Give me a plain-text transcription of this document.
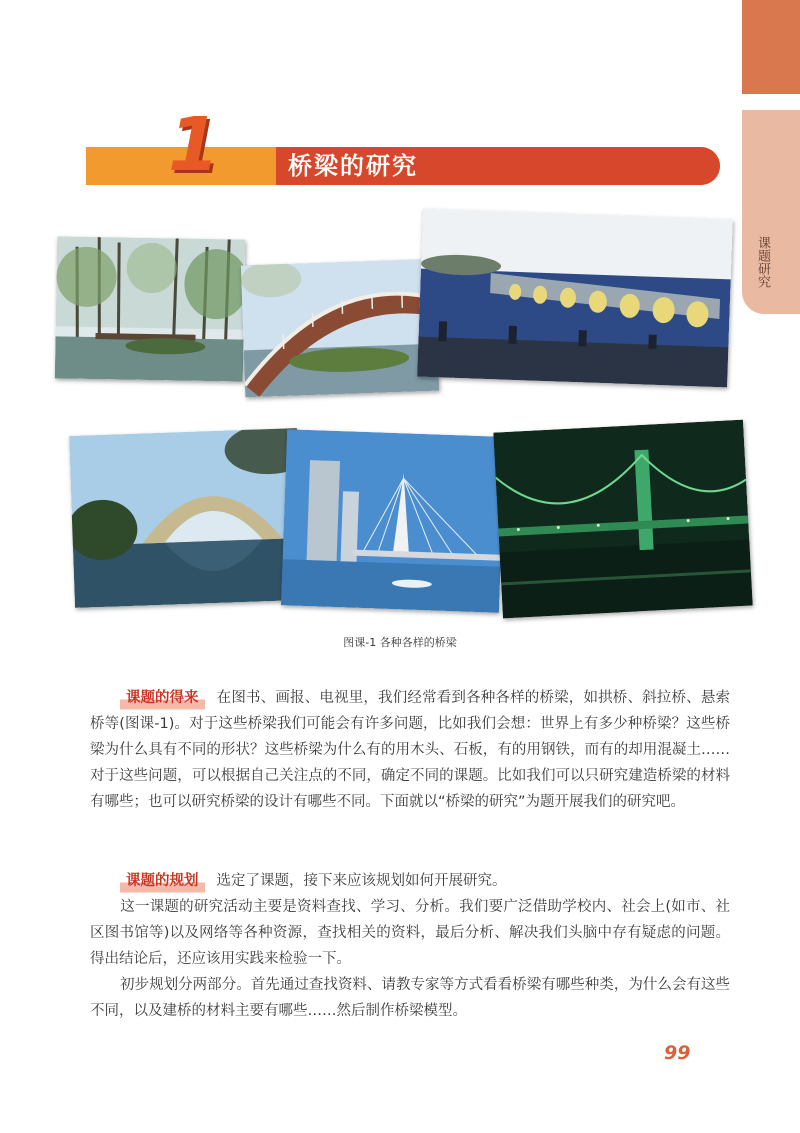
课题研究
1	桥梁的研究
图课-1 各种各样的桥梁
课题的得来 在图书、画报、电视里，我们经常看到各种各样的桥梁，如拱桥、斜拉桥、悬索桥等(图课-1)。对于这些桥梁我们可能会有许多问题，比如我们会想：世界上有多少种桥梁？这些桥梁为什么具有不同的形状？这些桥梁为什么有的用木头、石板，有的用钢铁，而有的却用混凝土……对于这些问题，可以根据自己关注点的不同，确定不同的课题。比如我们可以只研究建造桥梁的材料有哪些；也可以研究桥梁的设计有哪些不同。下面就以“桥梁的研究”为题开展我们的研究吧。
课题的规划 选定了课题，接下来应该规划如何开展研究。
这一课题的研究活动主要是资料查找、学习、分析。我们要广泛借助学校内、社会上(如市、社区图书馆等)以及网络等各种资源，查找相关的资料，最后分析、解决我们头脑中存有疑虑的问题。得出结论后，还应该用实践来检验一下。
初步规划分两部分。首先通过查找资料、请教专家等方式看看桥梁有哪些种类，为什么会有这些不同，以及建桥的材料主要有哪些……然后制作桥梁模型。
99
